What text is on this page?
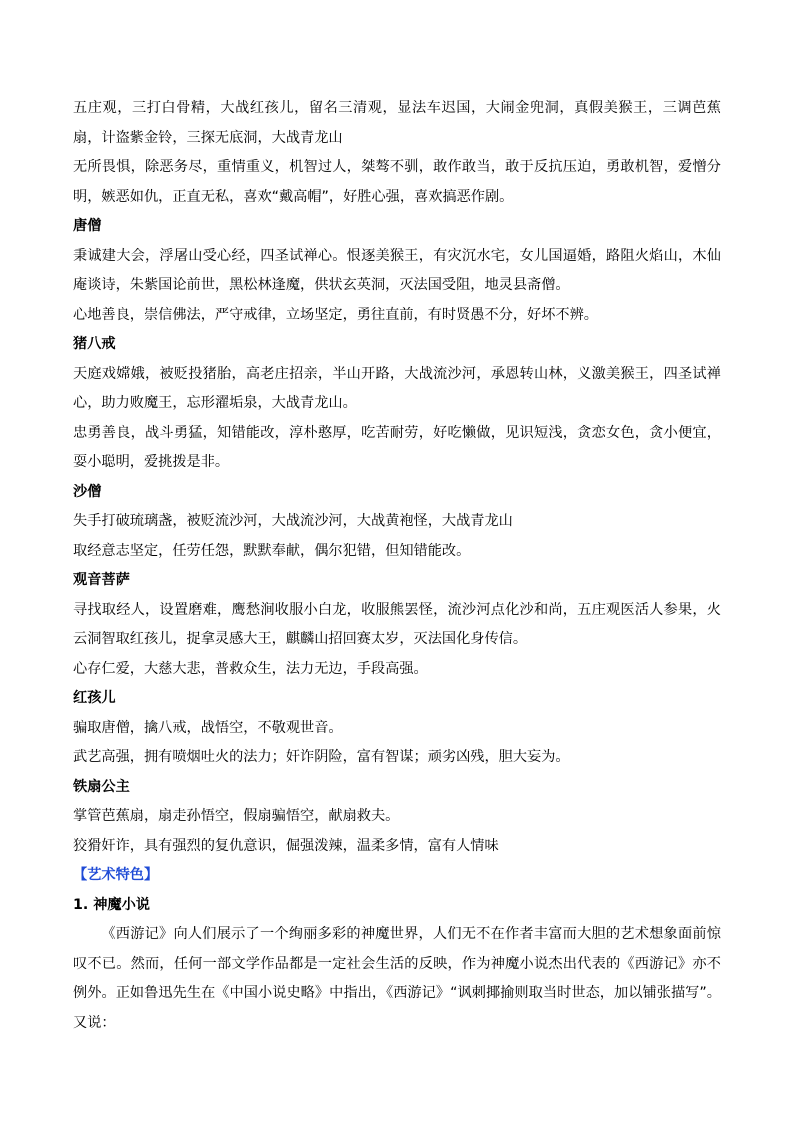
五庄观，三打白骨精，大战红孩儿，留名三清观，显法车迟国，大闹金兜洞，真假美猴王，三调芭蕉扇，计盗紫金铃，三探无底洞，大战青龙山

无所畏惧，除恶务尽，重情重义，机智过人，桀骜不驯，敢作敢当，敢于反抗压迫，勇敢机智，爱憎分明，嫉恶如仇，正直无私，喜欢“戴高帽”，好胜心强，喜欢搞恶作剧。

唐僧

秉诚建大会，浮屠山受心经，四圣试禅心。恨逐美猴王，有灾沉水宅，女儿国逼婚，路阻火焰山，木仙庵谈诗，朱紫国论前世，黑松林逢魔，供状玄英洞，灭法国受阻，地灵县斋僧。

心地善良，崇信佛法，严守戒律，立场坚定，勇往直前，有时贤愚不分，好坏不辨。

猪八戒

天庭戏嫦娥，被贬投猪胎，高老庄招亲，半山开路，大战流沙河，承恩转山林，义激美猴王，四圣试禅心，助力败魔王，忘形濯垢泉，大战青龙山。

忠勇善良，战斗勇猛，知错能改，淳朴憨厚，吃苦耐劳，好吃懒做，见识短浅，贪恋女色，贪小便宜，耍小聪明，爱挑拨是非。

沙僧

失手打破琉璃盏，被贬流沙河，大战流沙河，大战黄袍怪，大战青龙山

取经意志坚定，任劳任怨，默默奉献，偶尔犯错，但知错能改。

观音菩萨

寻找取经人，设置磨难，鹰愁涧收服小白龙，收服熊罢怪，流沙河点化沙和尚，五庄观医活人参果，火云洞智取红孩儿，捉拿灵感大王，麒麟山招回赛太岁，灭法国化身传信。

心存仁爱，大慈大悲，普救众生，法力无边，手段高强。

红孩儿

骗取唐僧，擒八戒，战悟空，不敬观世音。

武艺高强，拥有喷烟吐火的法力；奸诈阴险，富有智谋；顽劣凶残，胆大妄为。

铁扇公主

掌管芭蕉扇，扇走孙悟空，假扇骗悟空，献扇救夫。

狡猾奸诈，具有强烈的复仇意识，倔强泼辣，温柔多情，富有人情味

【艺术特色】

1. 神魔小说

《西游记》向人们展示了一个绚丽多彩的神魔世界，人们无不在作者丰富而大胆的艺术想象面前惊叹不已。然而，任何一部文学作品都是一定社会生活的反映，作为神魔小说杰出代表的《西游记》亦不例外。正如鲁迅先生在《中国小说史略》中指出，《西游记》“讽刺揶揄则取当时世态，加以铺张描写”。又说：
